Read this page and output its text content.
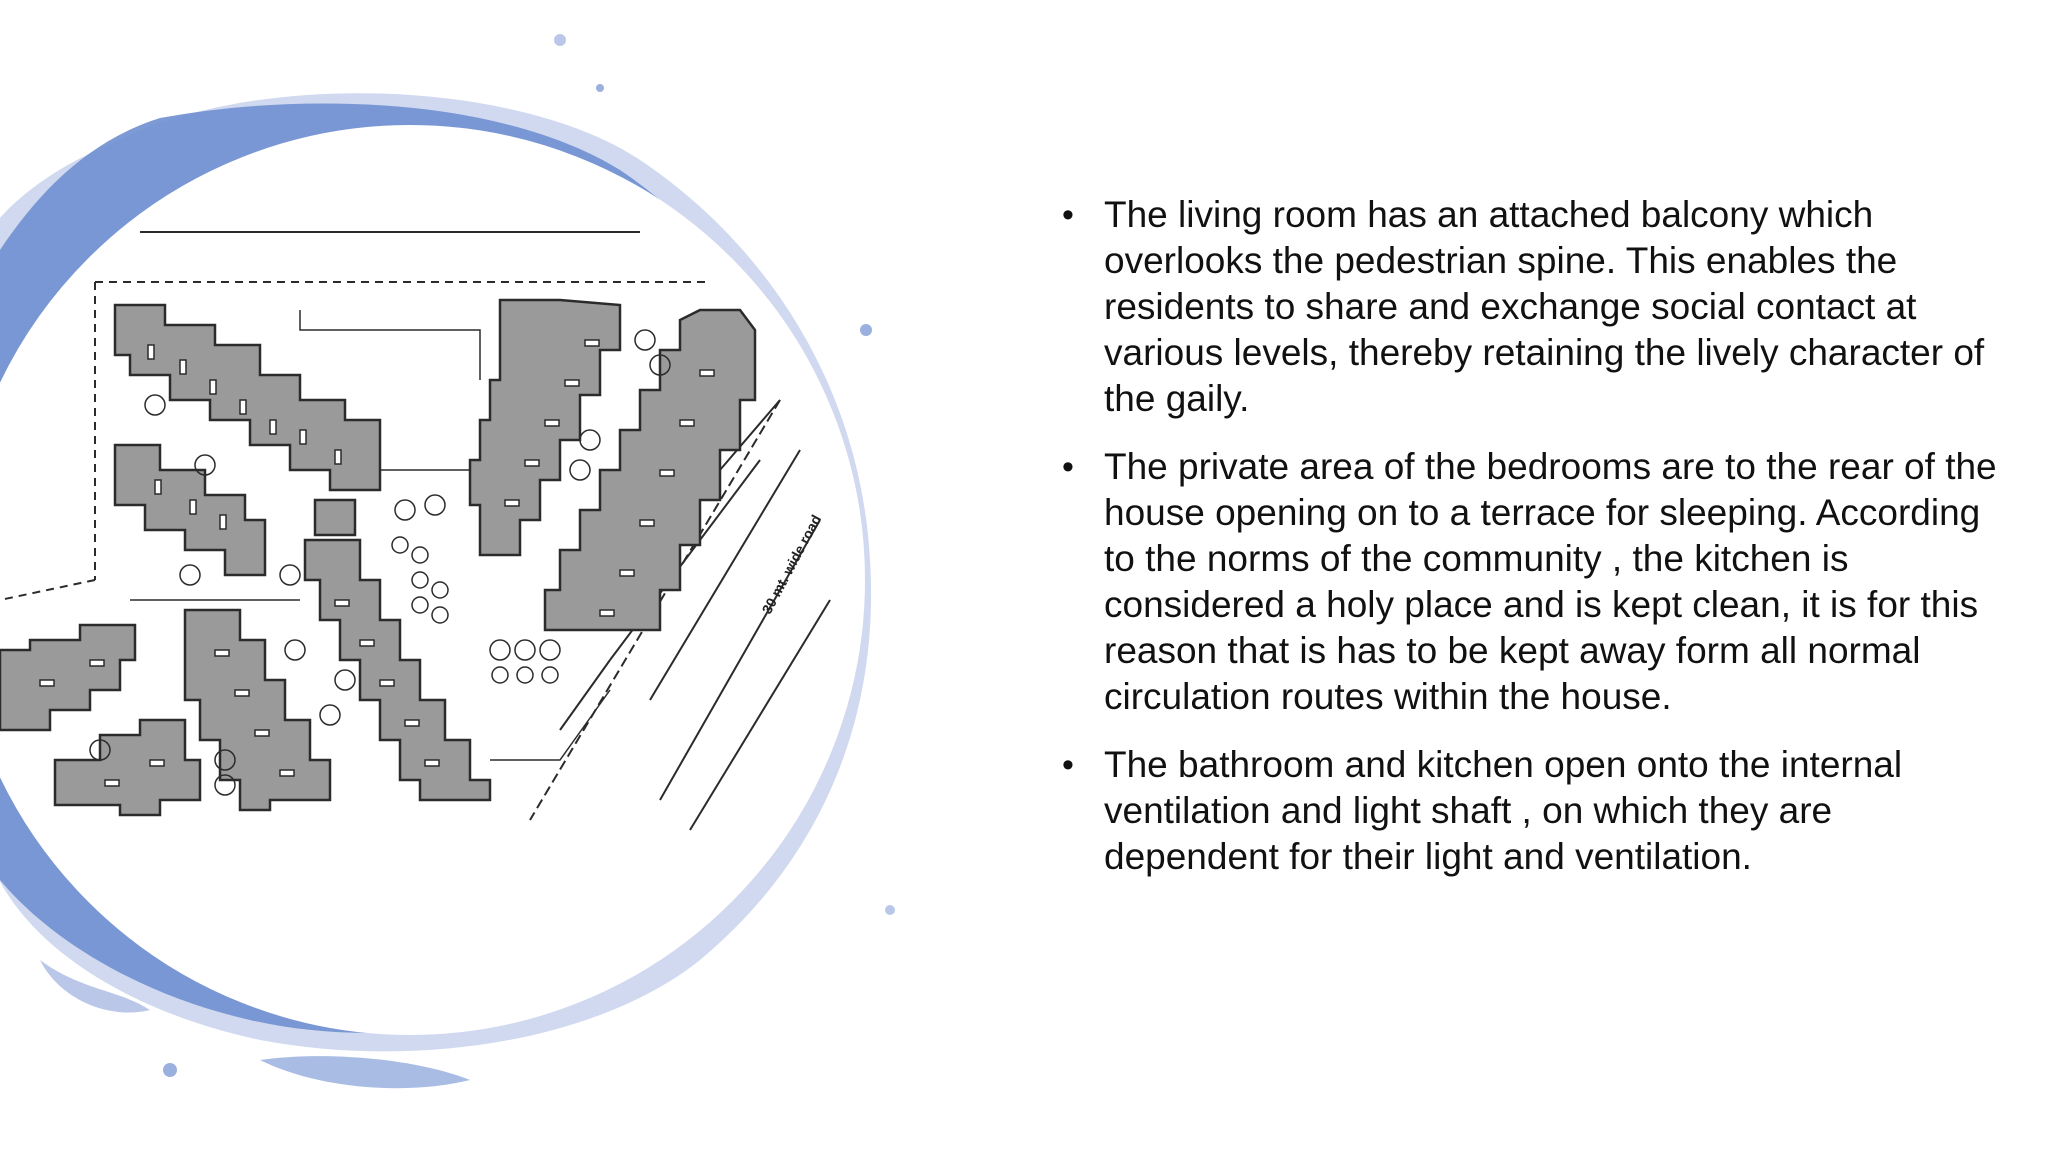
30 mt. wide road
• The living room has an attached balcony which overlooks the pedestrian spine. This enables the residents to share and exchange social contact at various levels, thereby retaining the lively character of the gaily.
• The private area of the bedrooms are to the rear of the house opening on to a terrace for sleeping. According to the norms of the community , the kitchen is considered a holy place and is kept clean, it is for this reason that is has to be kept away form all normal circulation routes within the house.
• The bathroom and kitchen open onto the internal ventilation and light shaft , on which they are dependent for their light and ventilation.
